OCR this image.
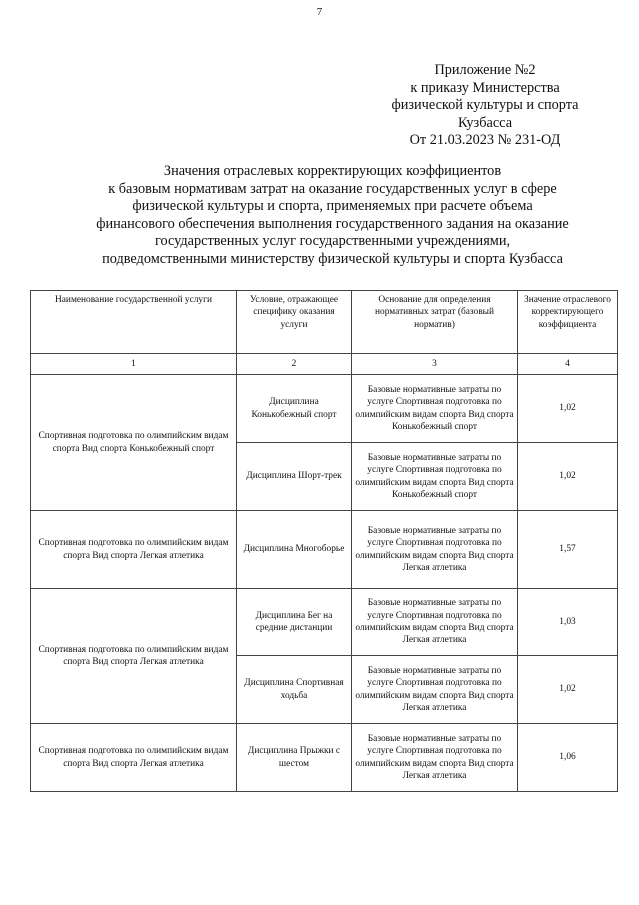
7
Приложение №2
к приказу Министерства
физической культуры и спорта
Кузбасса
От 21.03.2023 № 231-ОД
Значения отраслевых корректирующих коэффициентов
к базовым нормативам затрат на оказание государственных услуг в сфере
физической культуры и спорта, применяемых при расчете объема
финансового обеспечения выполнения государственного задания на оказание
государственных услуг государственными учреждениями,
подведомственными министерству физической культуры и спорта Кузбасса
Наименование государственной услуги	Условие, отражающее специфику оказания услуги	Основание для определения нормативных затрат (базовый норматив)	Значение отраслевого корректирующего коэффициента
1	2	3	4
Спортивная подготовка по олимпийским видам спорта Вид спорта Конькобежный спорт	Дисциплина Конькобежный спорт	Базовые нормативные затраты по услуге Спортивная подготовка по олимпийским видам спорта Вид спорта Конькобежный спорт	1,02
	Дисциплина Шорт-трек	Базовые нормативные затраты по услуге Спортивная подготовка по олимпийским видам спорта Вид спорта Конькобежный спорт	1,02
Спортивная подготовка по олимпийским видам спорта Вид спорта Легкая атлетика	Дисциплина Многоборье	Базовые нормативные затраты по услуге Спортивная подготовка по олимпийским видам спорта Вид спорта Легкая атлетика	1,57
Спортивная подготовка по олимпийским видам спорта Вид спорта Легкая атлетика	Дисциплина Бег на средние дистанции	Базовые нормативные затраты по услуге Спортивная подготовка по олимпийским видам спорта Вид спорта Легкая атлетика	1,03
	Дисциплина Спортивная ходьба	Базовые нормативные затраты по услуге Спортивная подготовка по олимпийским видам спорта Вид спорта Легкая атлетика	1,02
Спортивная подготовка по олимпийским видам спорта Вид спорта Легкая атлетика	Дисциплина Прыжки с шестом	Базовые нормативные затраты по услуге Спортивная подготовка по олимпийским видам спорта Вид спорта Легкая атлетика	1,06
